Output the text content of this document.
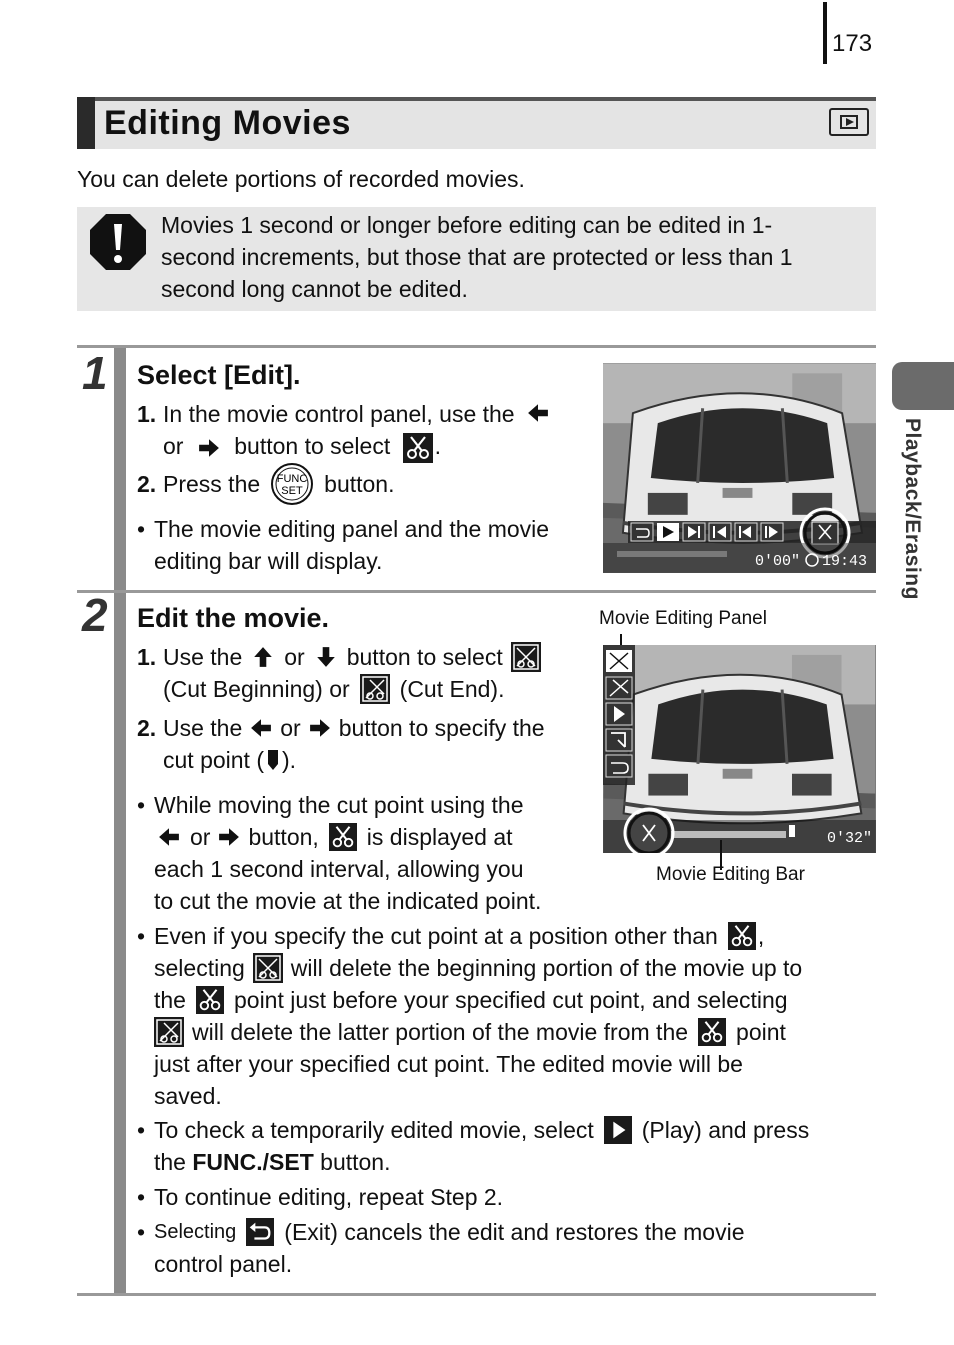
173
Editing Movies
You can delete portions of recorded movies.
Movies 1 second or longer before editing can be edited in 1-
second increments, but those that are protected or less than 1
second long cannot be edited.
Playback/Erasing
1 Select [Edit].
1. In the movie control panel, use the
or button to select .
2. Press the FUNC
SET button.
• The movie editing panel and the movie
editing bar will display.	0'00" 19:43
2 Edit the movie.
1. Use the or button to select
(Cut Beginning) or (Cut End).
2. Use the or button to specify the
cut point ( ).
• While moving the cut point using the
or button, is displayed at
each 1 second interval, allowing you
to cut the movie at the indicated point.
Movie Editing Panel
0'32"
Movie Editing Bar
• Even if you specify the cut point at a position other than ,
selecting will delete the beginning portion of the movie up to
the point just before your specified cut point, and selecting
will delete the latter portion of the movie from the point
just after your specified cut point. The edited movie will be
saved.
• To check a temporarily edited movie, select (Play) and press
the FUNC./SET button.
• To continue editing, repeat Step 2.
• Selecting (Exit) cancels the edit and restores the movie
control panel.
